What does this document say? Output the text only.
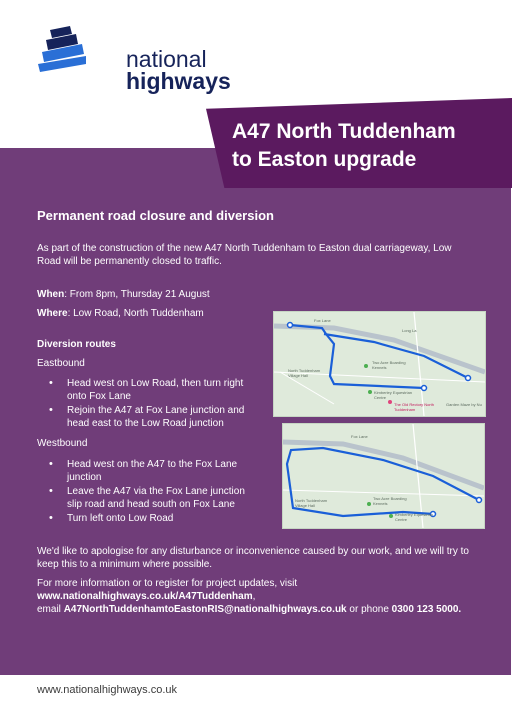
national
highways
A47 North Tuddenham
to Easton upgrade
Permanent road closure and diversion
As part of the construction of the new A47 North Tuddenham to Easton dual carriageway, Low Road will be permanently closed to traffic.
When: From 8pm, Thursday 21 August
Where: Low Road, North Tuddenham
Diversion routes
Eastbound
• Head west on Low Road, then turn right onto Fox Lane
• Rejoin the A47 at Fox Lane junction and head east to the Low Road junction
Westbound
• Head west on the A47 to the Fox Lane junction
• Leave the A47 via the Fox Lane junction slip road and head south on Fox Lane
• Turn left onto Low Road
Fox Lane
North Tuddenham Village Hall
Two Acre Boarding Kennels
Kimberley Equestrian Centre
The Old Rectory North Tuddenham
Long La
Garden Maze by Nu
Fox Lane
North Tuddenham Village Hall
Two Acre Boarding Kennels
Kimberley Equestrian Centre
We'd like to apologise for any disturbance or inconvenience caused by our work, and we will try to keep this to a minimum where possible.
For more information or to register for project updates, visit
www.nationalhighways.co.uk/A47Tuddenham,
email A47NorthTuddenhamtoEastonRIS@nationalhighways.co.uk or phone 0300 123 5000.
www.nationalhighways.co.uk
